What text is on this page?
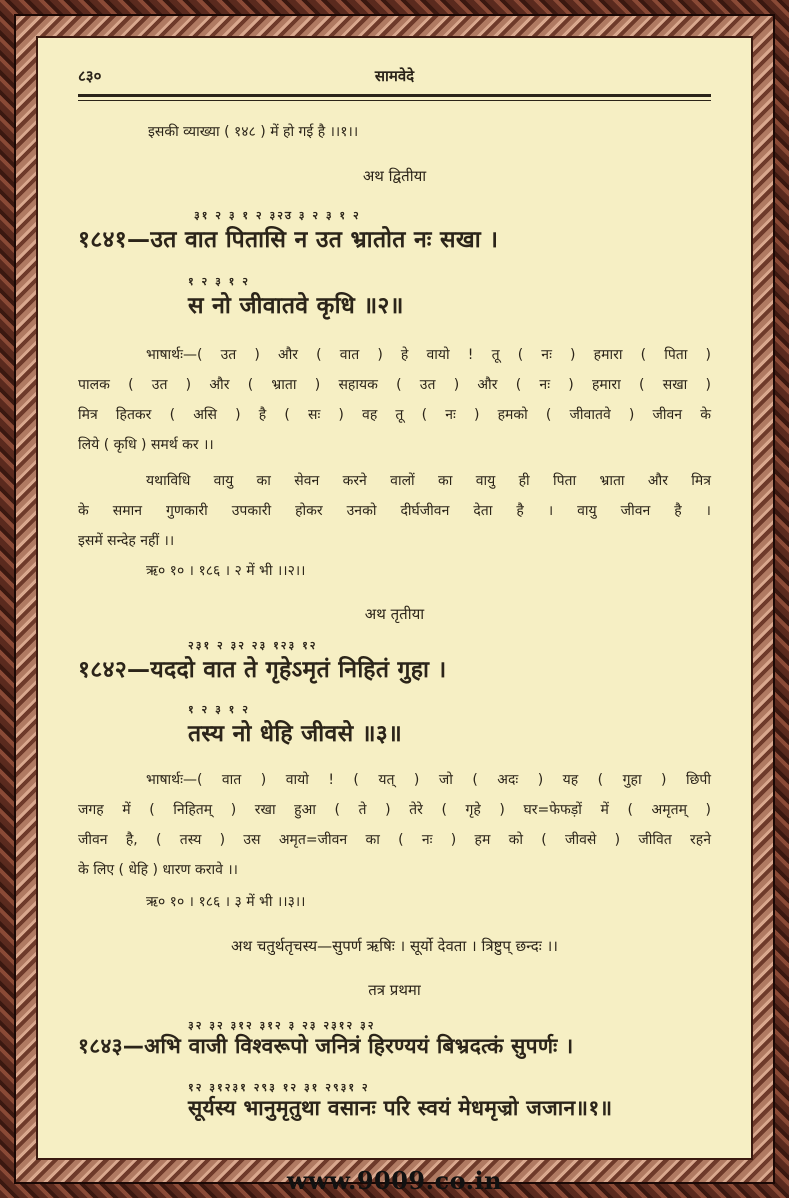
८३०	सामवेदे
इसकी व्याख्या ( १४८ ) में हो गई है ।।१।।
अथ द्वितीया
३१ २ ३ १ २ ३२उ ३ २ ३ १ २
१८४१—उत वात पितासि न उत भ्रातोत नः सखा ।
१ २ ३ १ २
स नो जीवातवे कृधि ॥२॥
भाषार्थः—( उत ) और ( वात ) हे वायो ! तू ( नः ) हमारा ( पिता )
पालक ( उत ) और ( भ्राता ) सहायक ( उत ) और ( नः ) हमारा ( सखा )
मित्र हितकर ( असि ) है ( सः ) वह तू ( नः ) हमको ( जीवातवे ) जीवन के
लिये ( कृधि ) समर्थ कर ।।
यथाविधि वायु का सेवन करने वालों का वायु ही पिता भ्राता और मित्र
के समान गुणकारी उपकारी होकर उनको दीर्घजीवन देता है । वायु जीवन है ।
इसमें सन्देह नहीं ।।
ऋ० १० । १८६ । २ में भी ।।२।।
अथ तृतीया
२३१ २ ३२ २३ १२३ १२
१८४२—यददो वात ते गृहेऽमृतं निहितं गुहा ।
१ २ ३ १ २
तस्य नो धेहि जीवसे ॥३॥
भाषार्थः—( वात ) वायो ! ( यत् ) जो ( अदः ) यह ( गुहा ) छिपी
जगह में ( निहितम् ) रखा हुआ ( ते ) तेरे ( गृहे ) घर=फेफड़ों में ( अमृतम् )
जीवन है, ( तस्य ) उस अमृत=जीवन का ( नः ) हम को ( जीवसे ) जीवित रहने
के लिए ( धेहि ) धारण करावे ।।
ऋ० १० । १८६ । ३ में भी ।।३।।
अथ चतुर्थतृचस्य—सुपर्ण ऋषिः । सूर्यो देवता । त्रिष्टुप् छन्दः ।।
तत्र प्रथमा
३२ ३२ ३१२ ३१२ ३ २३ २३१२ ३२
१८४३—अभि वाजी विश्वरूपो जनित्रं हिरण्ययं बिभ्रदत्कं सुपर्णः ।
१२ ३१२३१ २९३ १२ ३१ २९३१ २
सूर्यस्य भानुमृतुथा वसानः परि स्वयं मेधमृज्रो जजान॥१॥
www.9009.co.in
